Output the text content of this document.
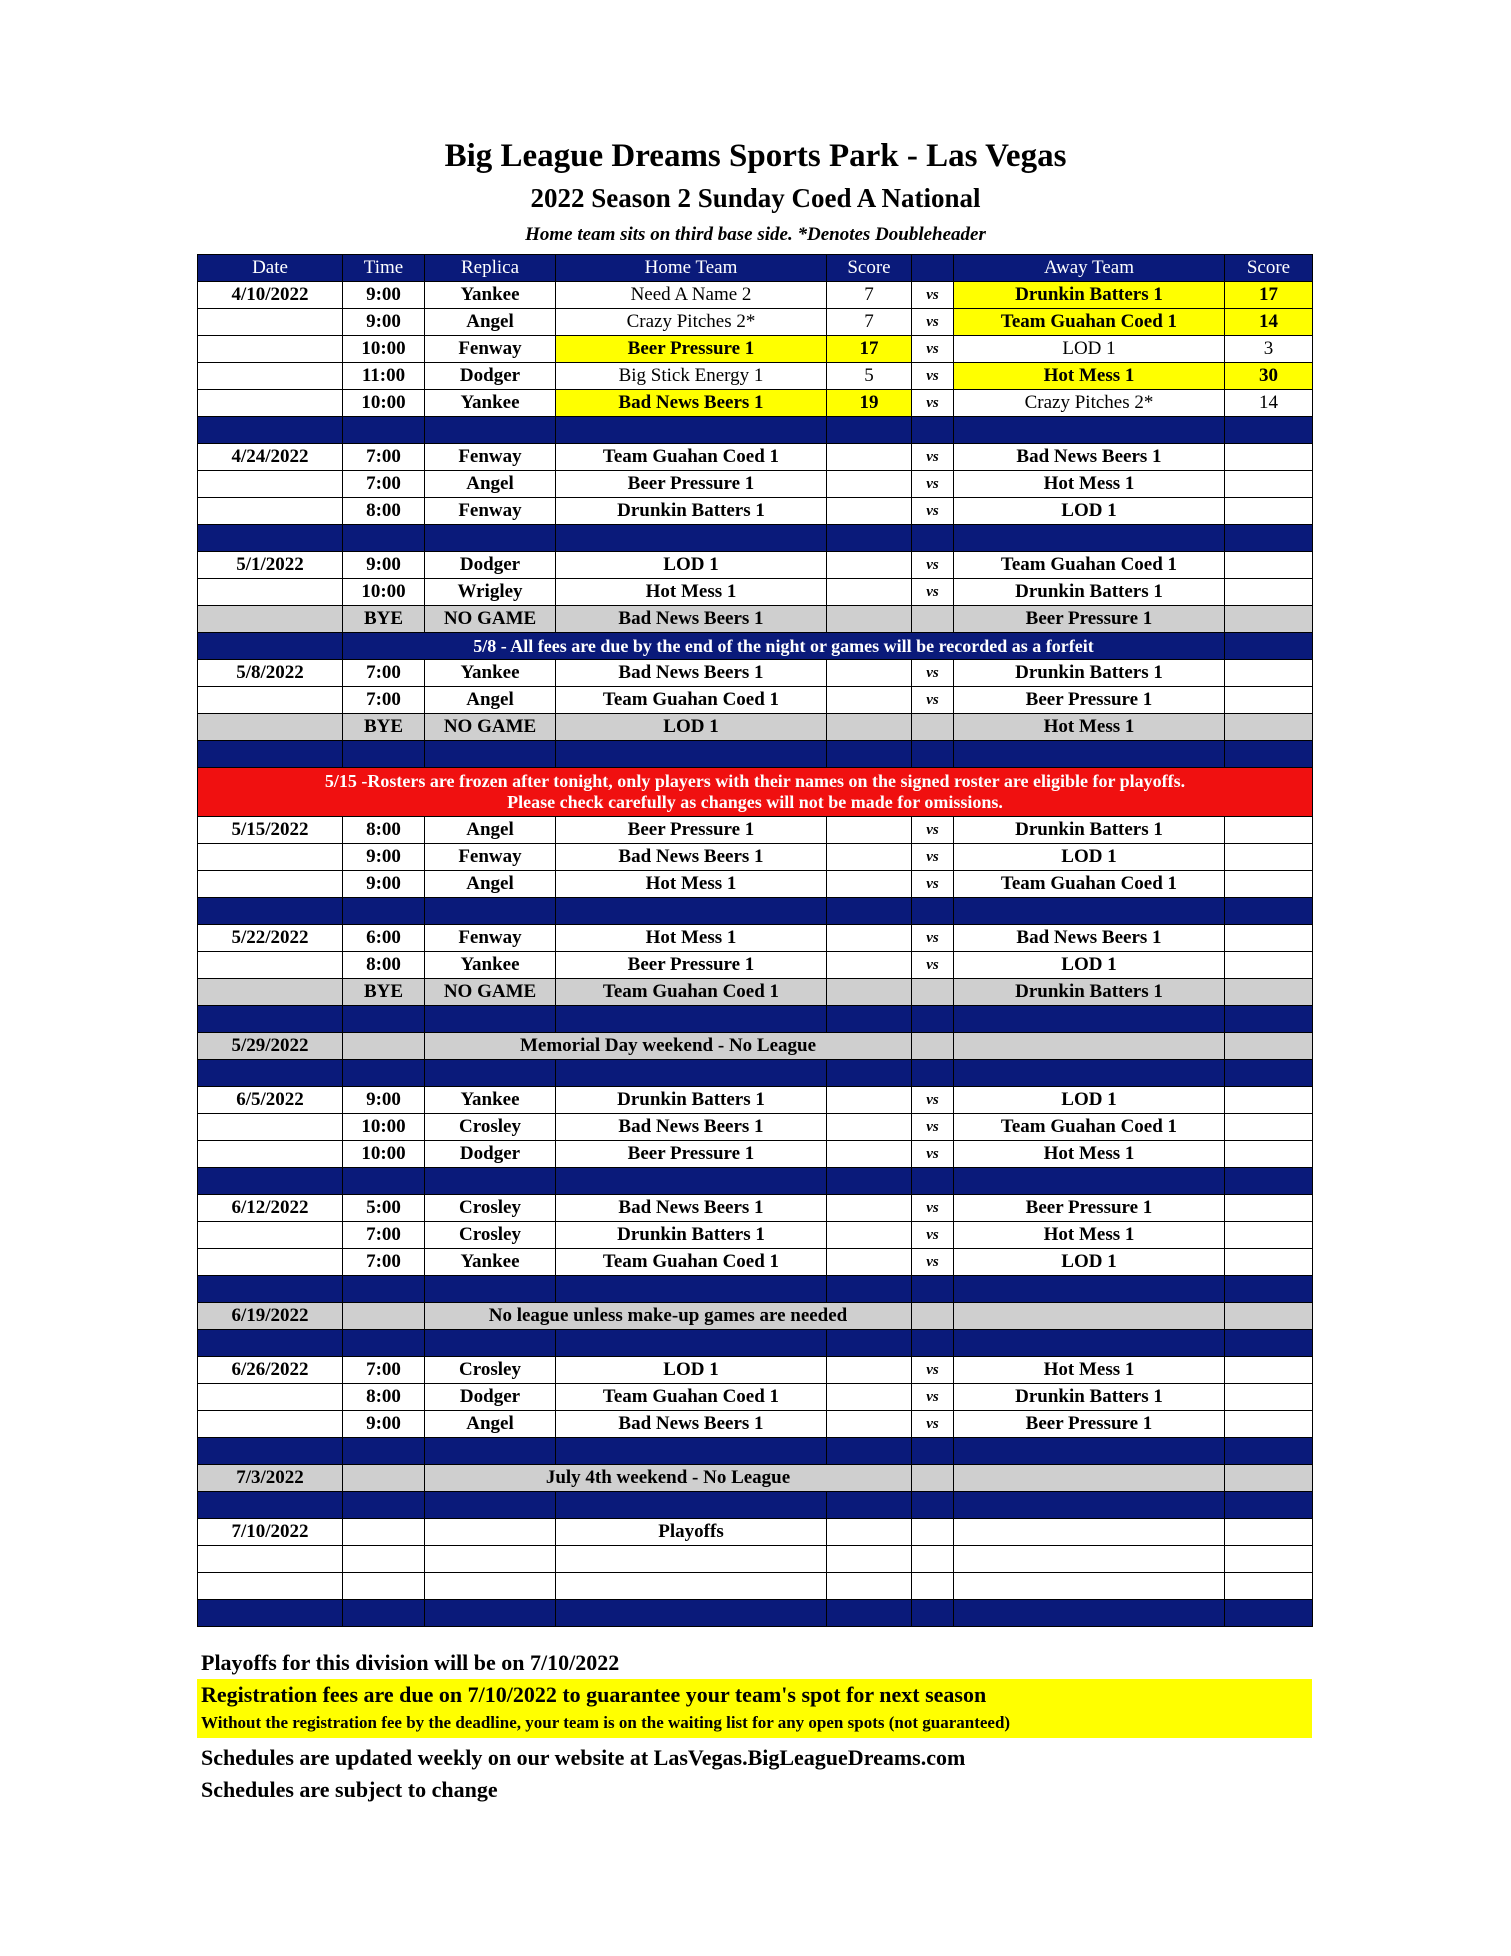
Big League Dreams Sports Park - Las Vegas
2022 Season 2 Sunday Coed A National
Home team sits on third base side. *Denotes Doubleheader
Date	Time	Replica	Home Team	Score		Away Team	Score
4/10/2022	9:00	Yankee	Need A Name 2	7	vs	Drunkin Batters 1	17
	9:00	Angel	Crazy Pitches 2*	7	vs	Team Guahan Coed 1	14
	10:00	Fenway	Beer Pressure 1	17	vs	LOD 1	3
	11:00	Dodger	Big Stick Energy 1	5	vs	Hot Mess 1	30
	10:00	Yankee	Bad News Beers 1	19	vs	Crazy Pitches 2*	14

4/24/2022	7:00	Fenway	Team Guahan Coed 1		vs	Bad News Beers 1	
	7:00	Angel	Beer Pressure 1		vs	Hot Mess 1	
	8:00	Fenway	Drunkin Batters 1		vs	LOD 1	

5/1/2022	9:00	Dodger	LOD 1		vs	Team Guahan Coed 1	
	10:00	Wrigley	Hot Mess 1		vs	Drunkin Batters 1	
	BYE	NO GAME	Bad News Beers 1			Beer Pressure 1	
	5/8 - All fees are due by the end of the night or games will be recorded as a forfeit						
5/8/2022	7:00	Yankee	Bad News Beers 1		vs	Drunkin Batters 1	
	7:00	Angel	Team Guahan Coed 1		vs	Beer Pressure 1	
	BYE	NO GAME	LOD 1			Hot Mess 1	

5/15 -Rosters are frozen after tonight, only players with their names on the signed roster are eligible for playoffs.
Please check carefully as changes will not be made for omissions.							

5/15/2022	8:00	Angel	Beer Pressure 1		vs	Drunkin Batters 1	
	9:00	Fenway	Bad News Beers 1		vs	LOD 1	
	9:00	Angel	Hot Mess 1		vs	Team Guahan Coed 1	

5/22/2022	6:00	Fenway	Hot Mess 1		vs	Bad News Beers 1	
	8:00	Yankee	Beer Pressure 1		vs	LOD 1	
	BYE	NO GAME	Team Guahan Coed 1			Drunkin Batters 1	

5/29/2022		Memorial Day weekend - No League					

6/5/2022	9:00	Yankee	Drunkin Batters 1		vs	LOD 1	
	10:00	Crosley	Bad News Beers 1		vs	Team Guahan Coed 1	
	10:00	Dodger	Beer Pressure 1		vs	Hot Mess 1	

6/12/2022	5:00	Crosley	Bad News Beers 1		vs	Beer Pressure 1	
	7:00	Crosley	Drunkin Batters 1		vs	Hot Mess 1	
	7:00	Yankee	Team Guahan Coed 1		vs	LOD 1	

6/19/2022		No league unless make-up games are needed					

6/26/2022	7:00	Crosley	LOD 1		vs	Hot Mess 1	
	8:00	Dodger	Team Guahan Coed 1		vs	Drunkin Batters 1	
	9:00	Angel	Bad News Beers 1		vs	Beer Pressure 1	

7/3/2022		July 4th weekend - No League					

7/10/2022			Playoffs				

Playoffs for this division will be on 7/10/2022
Registration fees are due on 7/10/2022 to guarantee your team's spot for next season
Without the registration fee by the deadline, your team is on the waiting list for any open spots (not guaranteed)
Schedules are updated weekly on our website at LasVegas.BigLeagueDreams.com
Schedules are subject to change
